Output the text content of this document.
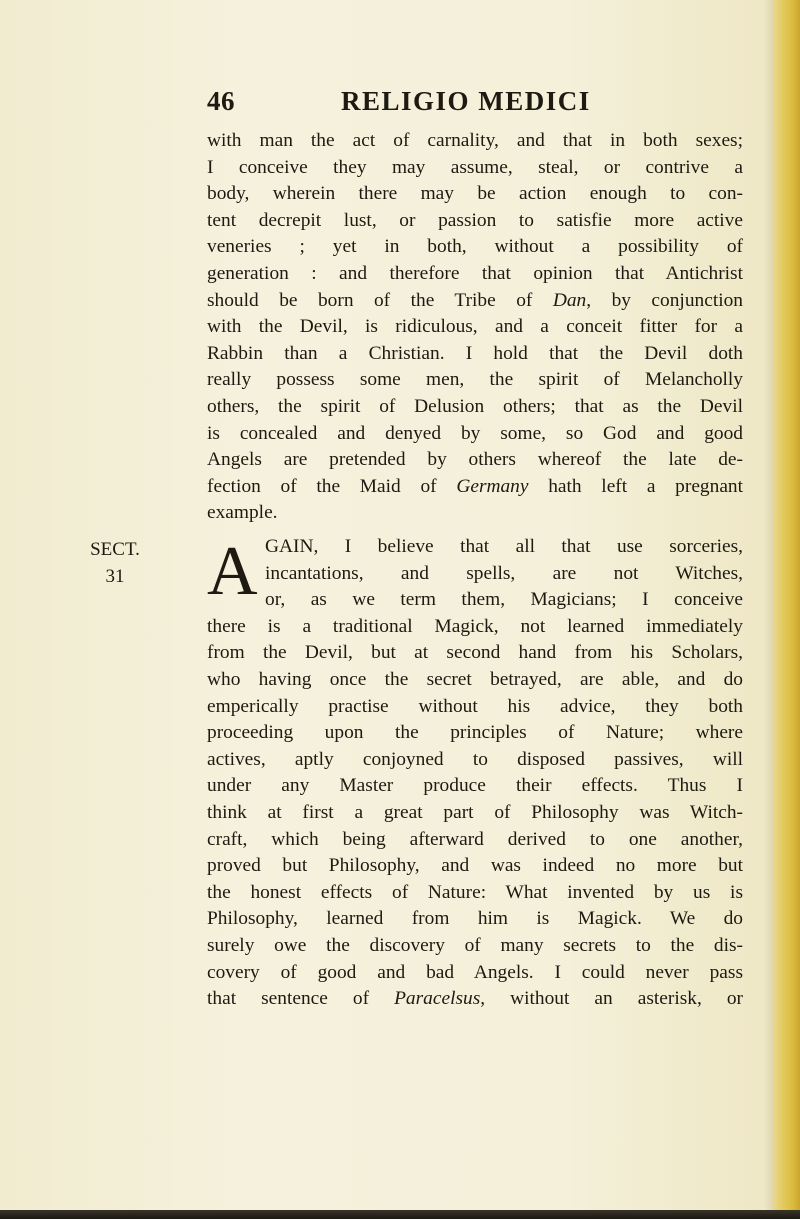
46	RELIGIO MEDICI
with man the act of carnality, and that in both sexes;
I conceive they may assume, steal, or contrive a
body, wherein there may be action enough to con-
tent decrepit lust, or passion to satisfie more active
veneries ; yet in both, without a possibility of
generation : and therefore that opinion that Antichrist
should be born of the Tribe of Dan, by conjunction
with the Devil, is ridiculous, and a conceit fitter for a
Rabbin than a Christian. I hold that the Devil doth
really possess some men, the spirit of Melancholly
others, the spirit of Delusion others; that as the Devil
is concealed and denyed by some, so God and good
Angels are pretended by others whereof the late de-
fection of the Maid of Germany hath left a pregnant
example.
SECT.
31	A GAIN, I believe that all that use sorceries,
incantations, and spells, are not Witches,
or, as we term them, Magicians; I conceive
there is a traditional Magick, not learned immediately
from the Devil, but at second hand from his Scholars,
who having once the secret betrayed, are able, and do
emperically practise without his advice, they both
proceeding upon the principles of Nature; where
actives, aptly conjoyned to disposed passives, will
under any Master produce their effects. Thus I
think at first a great part of Philosophy was Witch-
craft, which being afterward derived to one another,
proved but Philosophy, and was indeed no more but
the honest effects of Nature: What invented by us is
Philosophy, learned from him is Magick. We do
surely owe the discovery of many secrets to the dis-
covery of good and bad Angels. I could never pass
that sentence of Paracelsus, without an asterisk, or
